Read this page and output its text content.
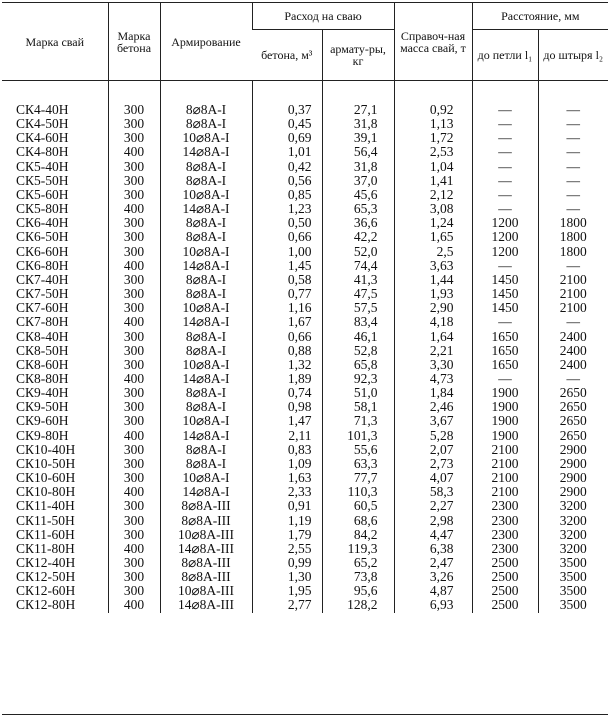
Марка свай	Марка бетона	Армирование	Расход на сваю		Справоч-ная масса свай, т	Расстояние, мм	
			бетона, м³	армату-ры, кг		до петли l₁	до штыря l₂
СК4-40Н	300	8⌀8А-I	0,37	27,1	0,92	—	—
СК4-50Н	300	8⌀8А-I	0,45	31,8	1,13	—	—
СК4-60Н	300	10⌀8А-I	0,69	39,1	1,72	—	—
СК4-80Н	400	14⌀8А-I	1,01	56,4	2,53	—	—
СК5-40Н	300	8⌀8А-I	0,42	31,8	1,04	—	—
СК5-50Н	300	8⌀8А-I	0,56	37,0	1,41	—	—
СК5-60Н	300	10⌀8А-I	0,85	45,6	2,12	—	—
СК5-80Н	400	14⌀8А-I	1,23	65,3	3,08	—	—
СК6-40Н	300	8⌀8А-I	0,50	36,6	1,24	1200	1800
СК6-50Н	300	8⌀8А-I	0,66	42,2	1,65	1200	1800
СК6-60Н	300	10⌀8А-I	1,00	52,0	2,5	1200	1800
СК6-80Н	400	14⌀8А-I	1,45	74,4	3,63	—	—
СК7-40Н	300	8⌀8А-I	0,58	41,3	1,44	1450	2100
СК7-50Н	300	8⌀8А-I	0,77	47,5	1,93	1450	2100
СК7-60Н	300	10⌀8А-I	1,16	57,5	2,90	1450	2100
СК7-80Н	400	14⌀8А-I	1,67	83,4	4,18	—	—
СК8-40Н	300	8⌀8А-I	0,66	46,1	1,64	1650	2400
СК8-50Н	300	8⌀8А-I	0,88	52,8	2,21	1650	2400
СК8-60Н	300	10⌀8А-I	1,32	65,8	3,30	1650	2400
СК8-80Н	400	14⌀8А-I	1,89	92,3	4,73	—	—
СК9-40Н	300	8⌀8А-I	0,74	51,0	1,84	1900	2650
СК9-50Н	300	8⌀8А-I	0,98	58,1	2,46	1900	2650
СК9-60Н	300	10⌀8А-I	1,47	71,3	3,67	1900	2650
СК9-80Н	400	14⌀8А-I	2,11	101,3	5,28	1900	2650
СК10-40Н	300	8⌀8А-I	0,83	55,6	2,07	2100	2900
СК10-50Н	300	8⌀8А-I	1,09	63,3	2,73	2100	2900
СК10-60Н	300	10⌀8А-I	1,63	77,7	4,07	2100	2900
СК10-80Н	400	14⌀8А-I	2,33	110,3	58,3	2100	2900
СК11-40Н	300	8⌀8А-III	0,91	60,5	2,27	2300	3200
СК11-50Н	300	8⌀8А-III	1,19	68,6	2,98	2300	3200
СК11-60Н	300	10⌀8А-III	1,79	84,2	4,47	2300	3200
СК11-80Н	400	14⌀8А-III	2,55	119,3	6,38	2300	3200
СК12-40Н	300	8⌀8А-III	0,99	65,2	2,47	2500	3500
СК12-50Н	300	8⌀8А-III	1,30	73,8	3,26	2500	3500
СК12-60Н	300	10⌀8А-III	1,95	95,6	4,87	2500	3500
СК12-80Н	400	14⌀8А-III	2,77	128,2	6,93	2500	3500
